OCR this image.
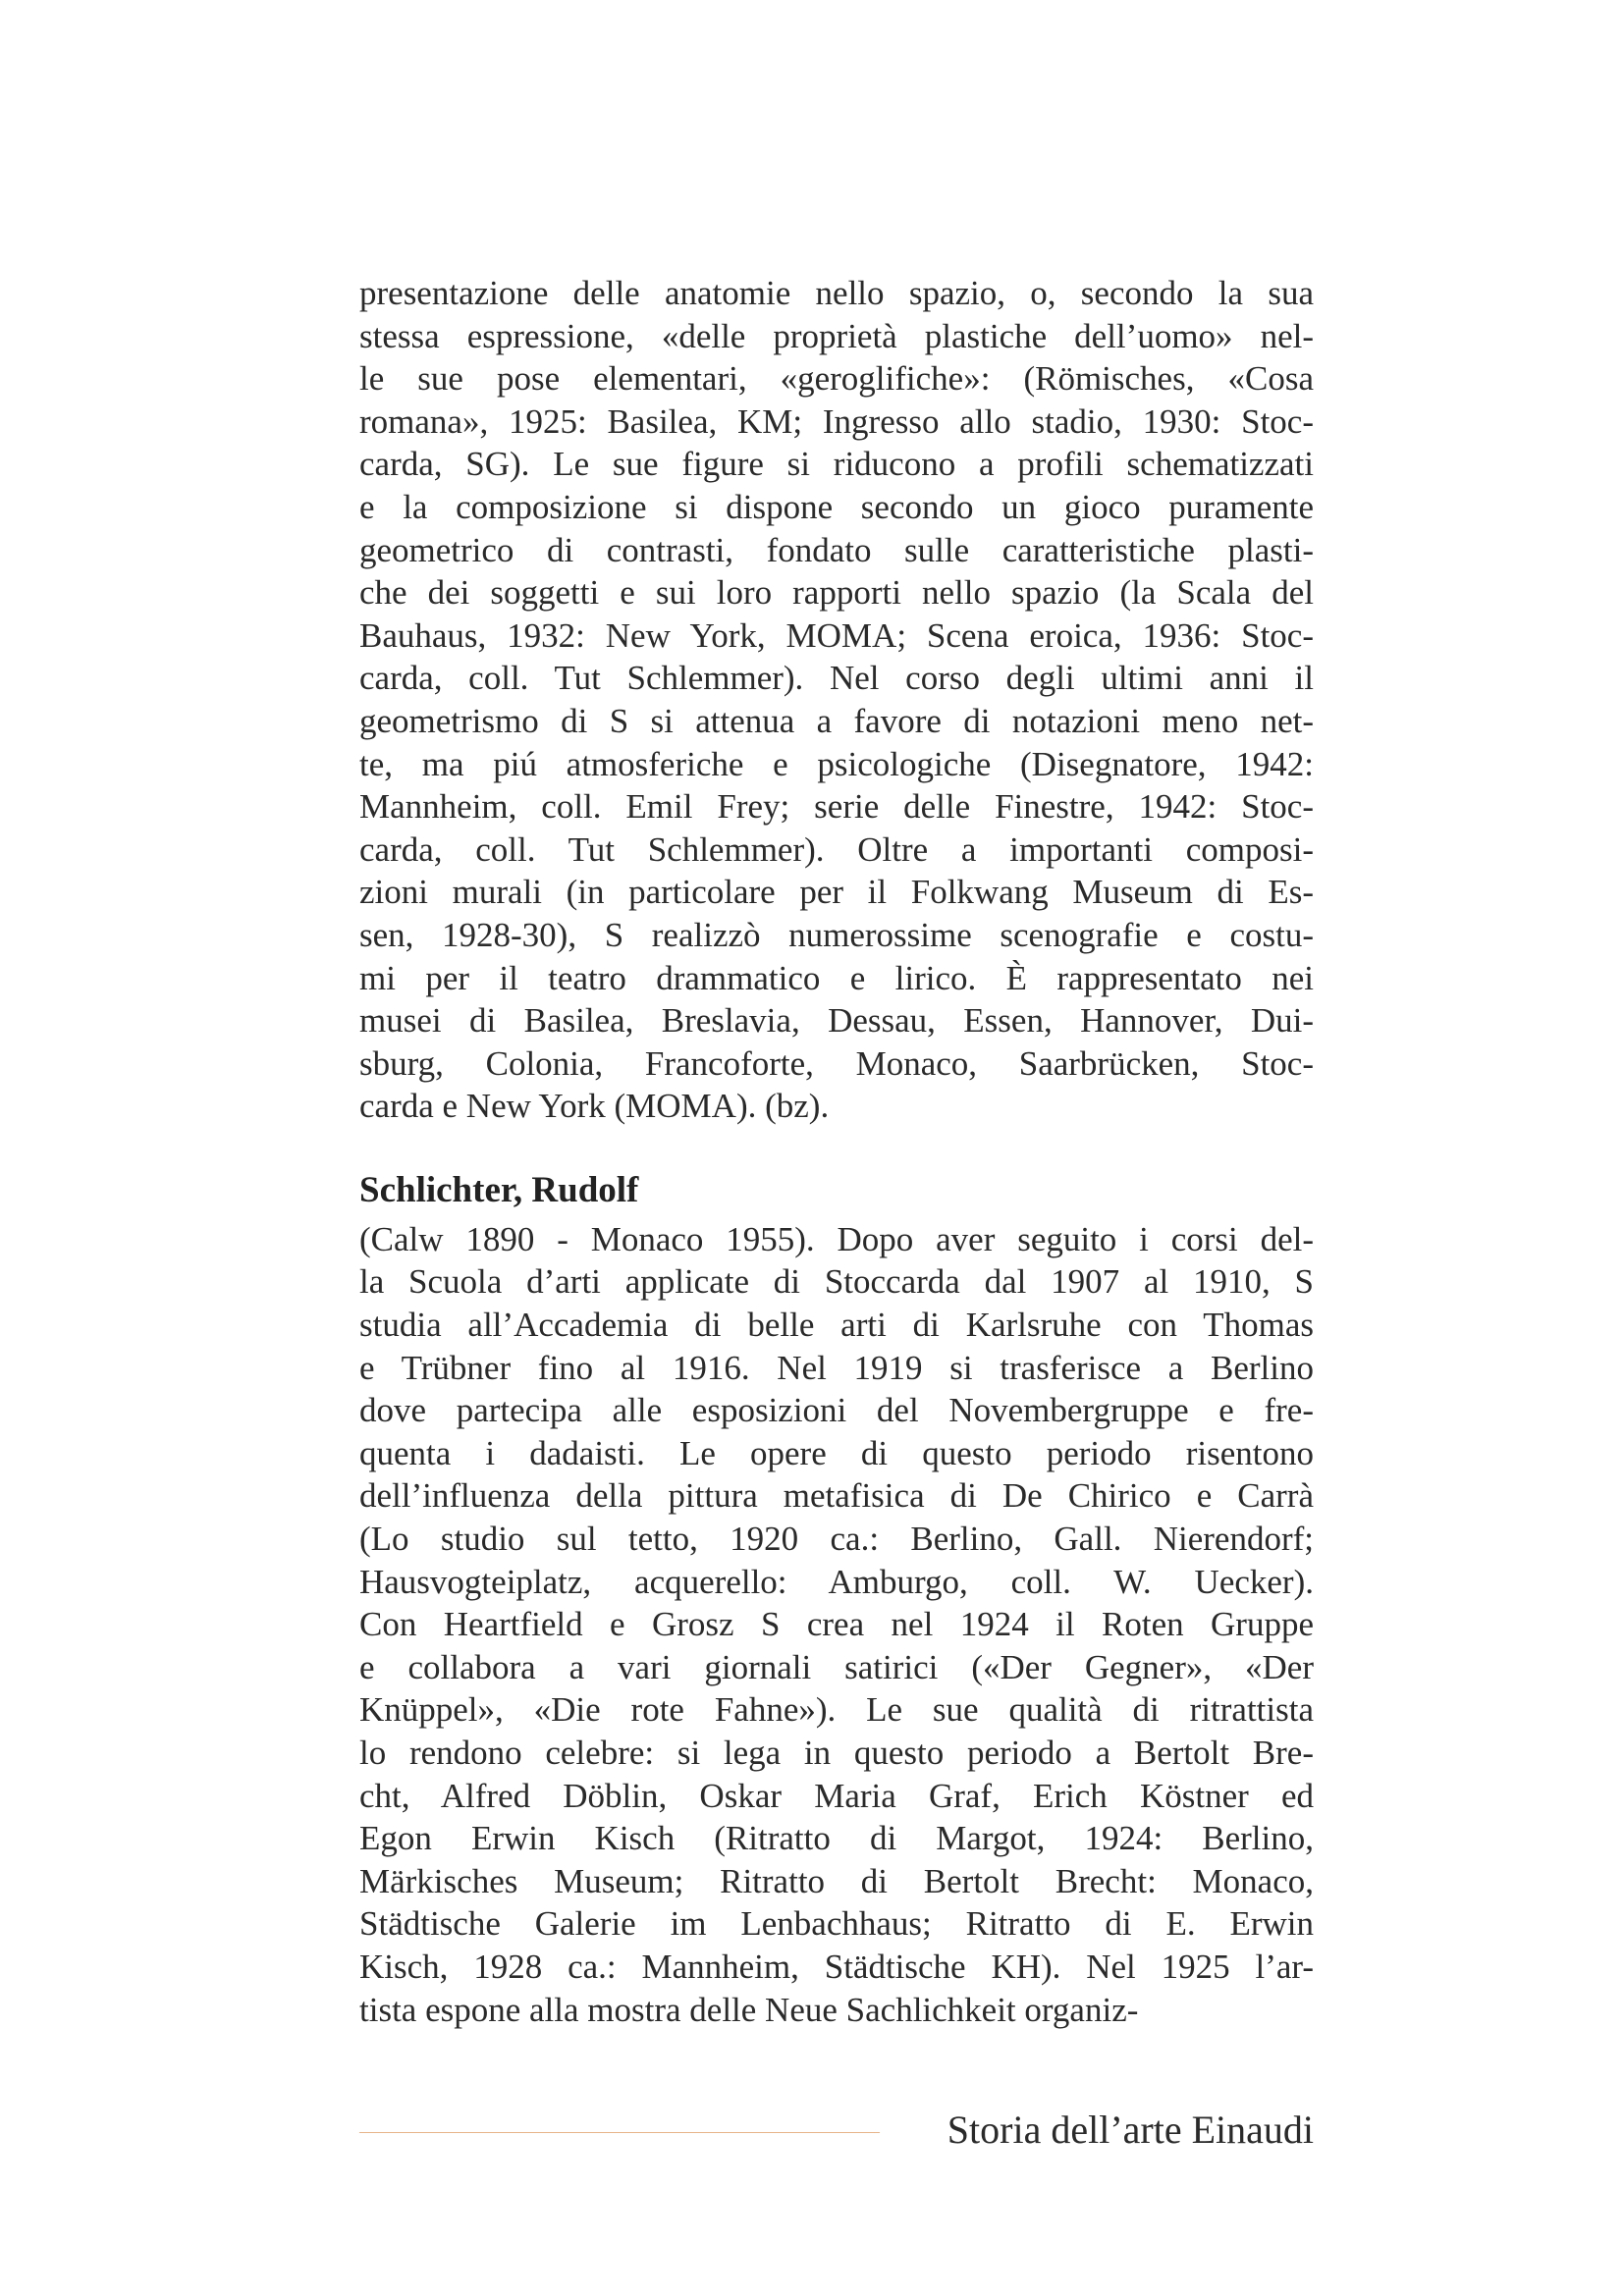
presentazione delle anatomie nello spazio, o, secondo la sua
stessa espressione, «delle proprietà plastiche dell’uomo» nel-
le sue pose elementari, «geroglifiche»: (Römisches, «Cosa
romana», 1925: Basilea, KM; Ingresso allo stadio, 1930: Stoc-
carda, SG). Le sue figure si riducono a profili schematizzati
e la composizione si dispone secondo un gioco puramente
geometrico di contrasti, fondato sulle caratteristiche plasti-
che dei soggetti e sui loro rapporti nello spazio (la Scala del
Bauhaus, 1932: New York, MOMA; Scena eroica, 1936: Stoc-
carda, coll. Tut Schlemmer). Nel corso degli ultimi anni il
geometrismo di S si attenua a favore di notazioni meno net-
te, ma piú atmosferiche e psicologiche (Disegnatore, 1942:
Mannheim, coll. Emil Frey; serie delle Finestre, 1942: Stoc-
carda, coll. Tut Schlemmer). Oltre a importanti composi-
zioni murali (in particolare per il Folkwang Museum di Es-
sen, 1928-30), S realizzò numerossime scenografie e costu-
mi per il teatro drammatico e lirico. È rappresentato nei
musei di Basilea, Breslavia, Dessau, Essen, Hannover, Dui-
sburg, Colonia, Francoforte, Monaco, Saarbrücken, Stoc-
carda e New York (MOMA). (bz).

Schlichter, Rudolf

(Calw 1890 - Monaco 1955). Dopo aver seguito i corsi del-
la Scuola d’arti applicate di Stoccarda dal 1907 al 1910, S
studia all’Accademia di belle arti di Karlsruhe con Thomas
e Trübner fino al 1916. Nel 1919 si trasferisce a Berlino
dove partecipa alle esposizioni del Novembergruppe e fre-
quenta i dadaisti. Le opere di questo periodo risentono
dell’influenza della pittura metafisica di De Chirico e Carrà
(Lo studio sul tetto, 1920 ca.: Berlino, Gall. Nierendorf;
Hausvogteiplatz, acquerello: Amburgo, coll. W. Uecker).
Con Heartfield e Grosz S crea nel 1924 il Roten Gruppe
e collabora a vari giornali satirici («Der Gegner», «Der
Knüppel», «Die rote Fahne»). Le sue qualità di ritrattista
lo rendono celebre: si lega in questo periodo a Bertolt Bre-
cht, Alfred Döblin, Oskar Maria Graf, Erich Köstner ed
Egon Erwin Kisch (Ritratto di Margot, 1924: Berlino,
Märkisches Museum; Ritratto di Bertolt Brecht: Monaco,
Städtische Galerie im Lenbachhaus; Ritratto di E. Erwin
Kisch, 1928 ca.: Mannheim, Städtische KH). Nel 1925 l’ar-
tista espone alla mostra delle Neue Sachlichkeit organiz-

Storia dell’arte Einaudi
